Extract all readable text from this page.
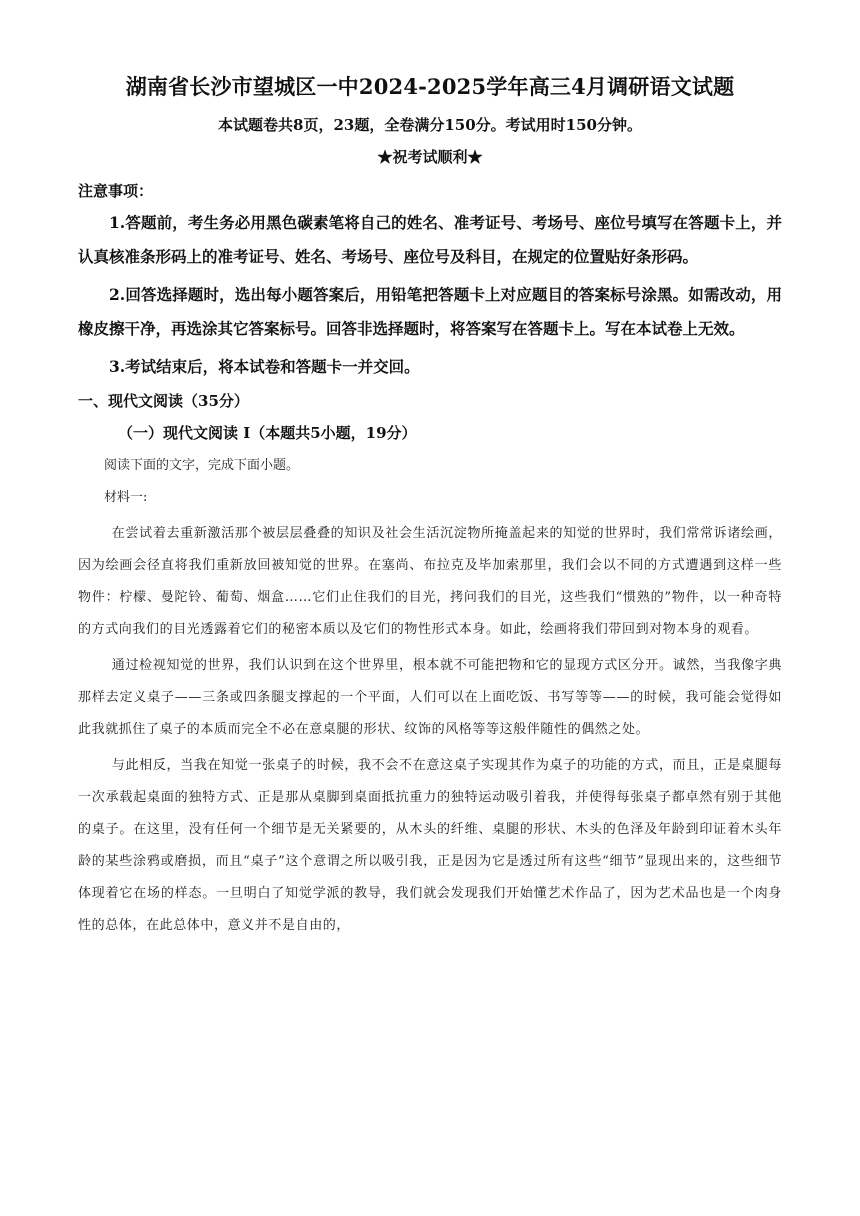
湖南省长沙市望城区一中2024-2025学年高三4月调研语文试题

本试题卷共8页，23题，全卷满分150分。考试用时150分钟。

★祝考试顺利★

注意事项：

1.答题前，考生务必用黑色碳素笔将自己的姓名、准考证号、考场号、座位号填写在答题卡上，并认真核准条形码上的准考证号、姓名、考场号、座位号及科目，在规定的位置贴好条形码。

2.回答选择题时，选出每小题答案后，用铅笔把答题卡上对应题目的答案标号涂黑。如需改动，用橡皮擦干净，再选涂其它答案标号。回答非选择题时，将答案写在答题卡上。写在本试卷上无效。

3.考试结束后，将本试卷和答题卡一并交回。

一、现代文阅读（35分）

（一）现代文阅读 I（本题共5小题，19分）

阅读下面的文字，完成下面小题。

材料一:

在尝试着去重新激活那个被层层叠叠的知识及社会生活沉淀物所掩盖起来的知觉的世界时，我们常常诉诸绘画，因为绘画会径直将我们重新放回被知觉的世界。在塞尚、布拉克及毕加索那里，我们会以不同的方式遭遇到这样一些物件：柠檬、曼陀铃、葡萄、烟盒……它们止住我们的目光，拷问我们的目光，这些我们“惯熟的”物件，以一种奇特的方式向我们的目光透露着它们的秘密本质以及它们的物性形式本身。如此，绘画将我们带回到对物本身的观看。

通过检视知觉的世界，我们认识到在这个世界里，根本就不可能把物和它的显现方式区分开。诚然，当我像字典那样去定义桌子——三条或四条腿支撑起的一个平面，人们可以在上面吃饭、书写等等——的时候，我可能会觉得如此我就抓住了桌子的本质而完全不必在意桌腿的形状、纹饰的风格等等这般伴随性的偶然之处。

与此相反，当我在知觉一张桌子的时候，我不会不在意这桌子实现其作为桌子的功能的方式，而且，正是桌腿每一次承载起桌面的独特方式、正是那从桌脚到桌面抵抗重力的独特运动吸引着我，并使得每张桌子都卓然有别于其他的桌子。在这里，没有任何一个细节是无关紧要的，从木头的纤维、桌腿的形状、木头的色泽及年龄到印证着木头年龄的某些涂鸦或磨损，而且“桌子”这个意谓之所以吸引我，正是因为它是透过所有这些“细节”显现出来的，这些细节体现着它在场的样态。一旦明白了知觉学派的教导，我们就会发现我们开始懂艺术作品了，因为艺术品也是一个肉身性的总体，在此总体中，意义并不是自由的，
